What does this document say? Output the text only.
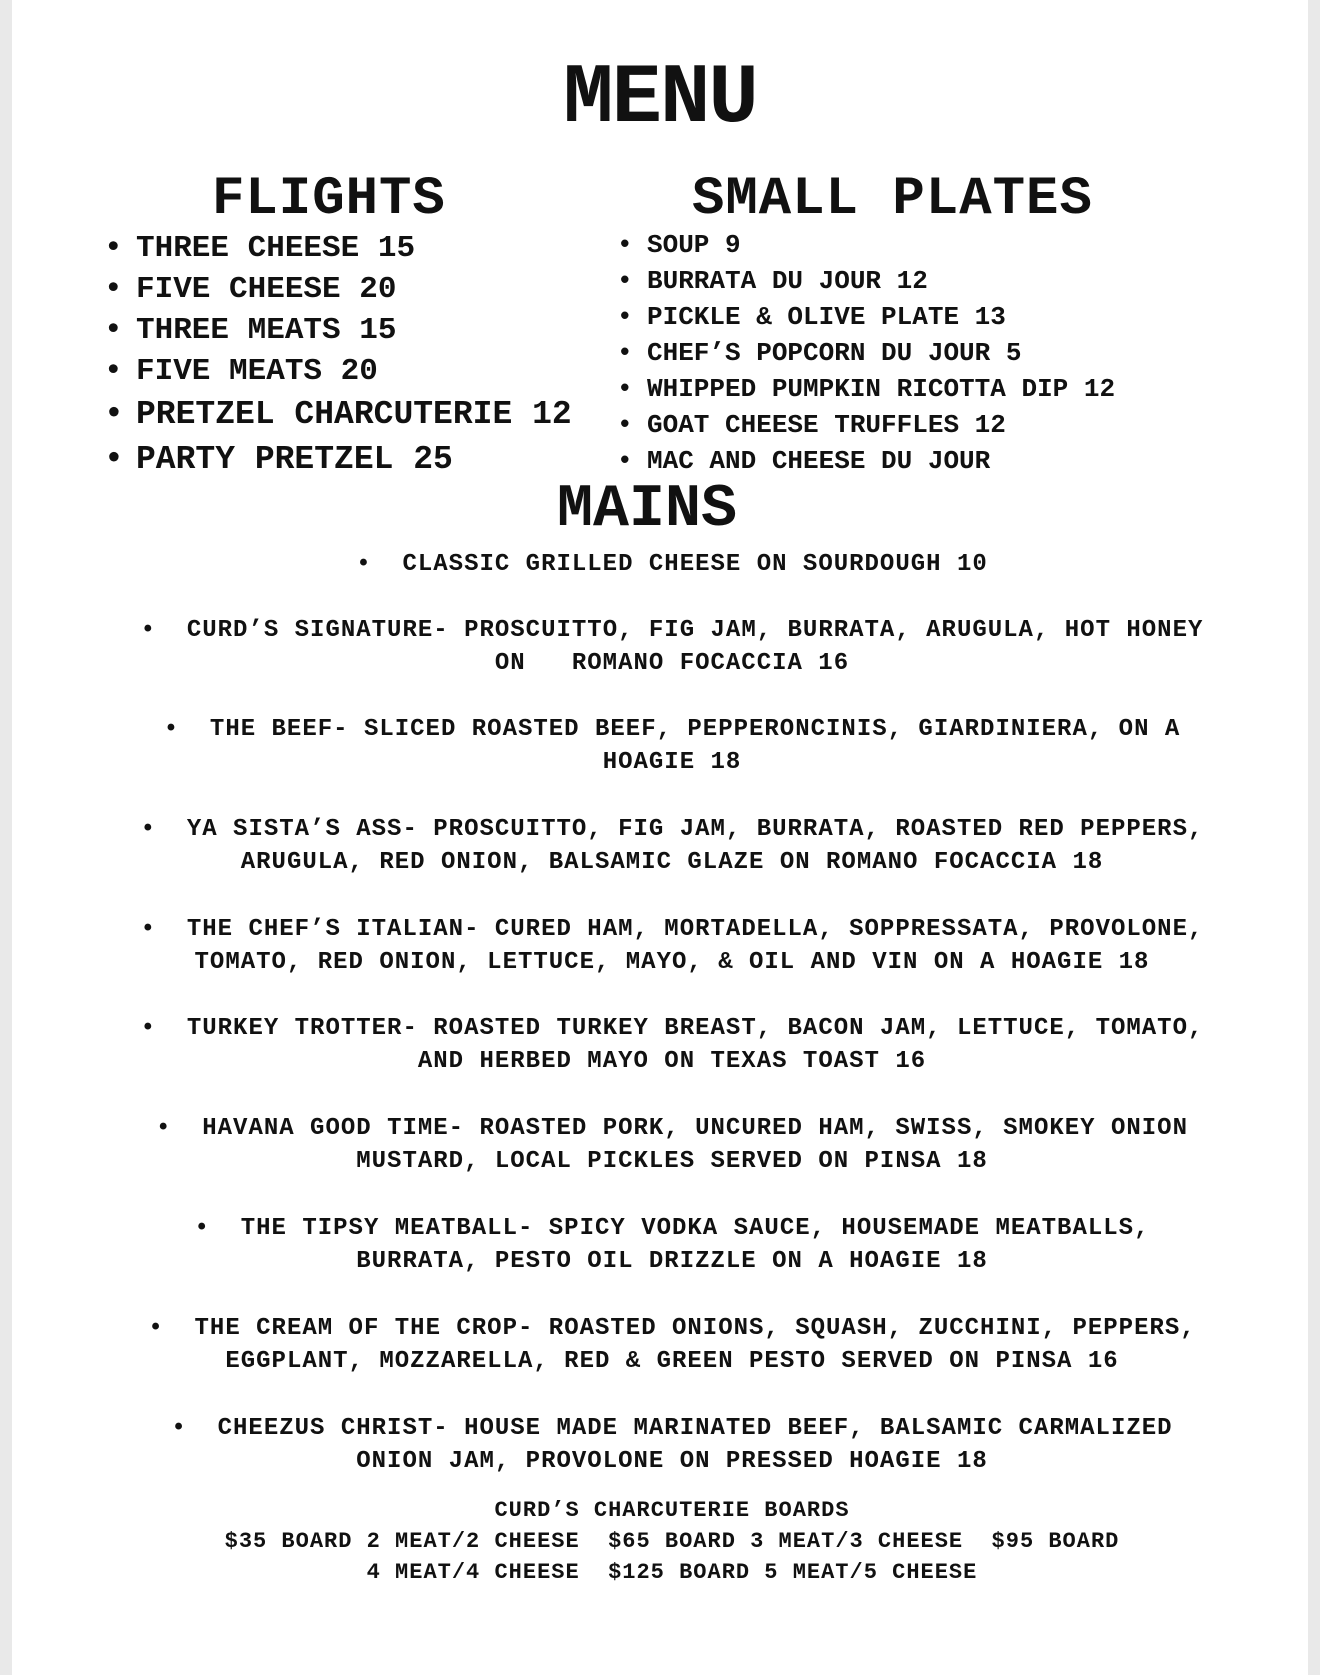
MENU
FLIGHTS	SMALL PLATES
• THREE CHEESE 15
• FIVE CHEESE 20
• THREE MEATS 15
• FIVE MEATS 20
• PRETZEL CHARCUTERIE 12
• PARTY PRETZEL 25
• SOUP 9
• BURRATA DU JOUR 12
• PICKLE & OLIVE PLATE 13
• CHEF’S POPCORN DU JOUR 5
• WHIPPED PUMPKIN RICOTTA DIP 12
• GOAT CHEESE TRUFFLES 12
• MAC AND CHEESE DU JOUR
MAINS
• CLASSIC GRILLED CHEESE ON SOURDOUGH 10
• CURD’S SIGNATURE- PROSCUITTO, FIG JAM, BURRATA, ARUGULA, HOT HONEY
ON   ROMANO FOCACCIA 16
• THE BEEF- SLICED ROASTED BEEF, PEPPERONCINIS, GIARDINIERA, ON A
HOAGIE 18
• YA SISTA’S ASS- PROSCUITTO, FIG JAM, BURRATA, ROASTED RED PEPPERS,
ARUGULA, RED ONION, BALSAMIC GLAZE ON ROMANO FOCACCIA 18
• THE CHEF’S ITALIAN- CURED HAM, MORTADELLA, SOPPRESSATA, PROVOLONE,
TOMATO, RED ONION, LETTUCE, MAYO, & OIL AND VIN ON A HOAGIE 18
• TURKEY TROTTER- ROASTED TURKEY BREAST, BACON JAM, LETTUCE, TOMATO,
AND HERBED MAYO ON TEXAS TOAST 16
• HAVANA GOOD TIME- ROASTED PORK, UNCURED HAM, SWISS, SMOKEY ONION
MUSTARD, LOCAL PICKLES SERVED ON PINSA 18
• THE TIPSY MEATBALL- SPICY VODKA SAUCE, HOUSEMADE MEATBALLS,
BURRATA, PESTO OIL DRIZZLE ON A HOAGIE 18
• THE CREAM OF THE CROP- ROASTED ONIONS, SQUASH, ZUCCHINI, PEPPERS,
EGGPLANT, MOZZARELLA, RED & GREEN PESTO SERVED ON PINSA 16
• CHEEZUS CHRIST- HOUSE MADE MARINATED BEEF, BALSAMIC CARMALIZED
ONION JAM, PROVOLONE ON PRESSED HOAGIE 18
CURD’S CHARCUTERIE BOARDS
$35 BOARD 2 MEAT/2 CHEESE  $65 BOARD 3 MEAT/3 CHEESE  $95 BOARD
4 MEAT/4 CHEESE  $125 BOARD 5 MEAT/5 CHEESE
